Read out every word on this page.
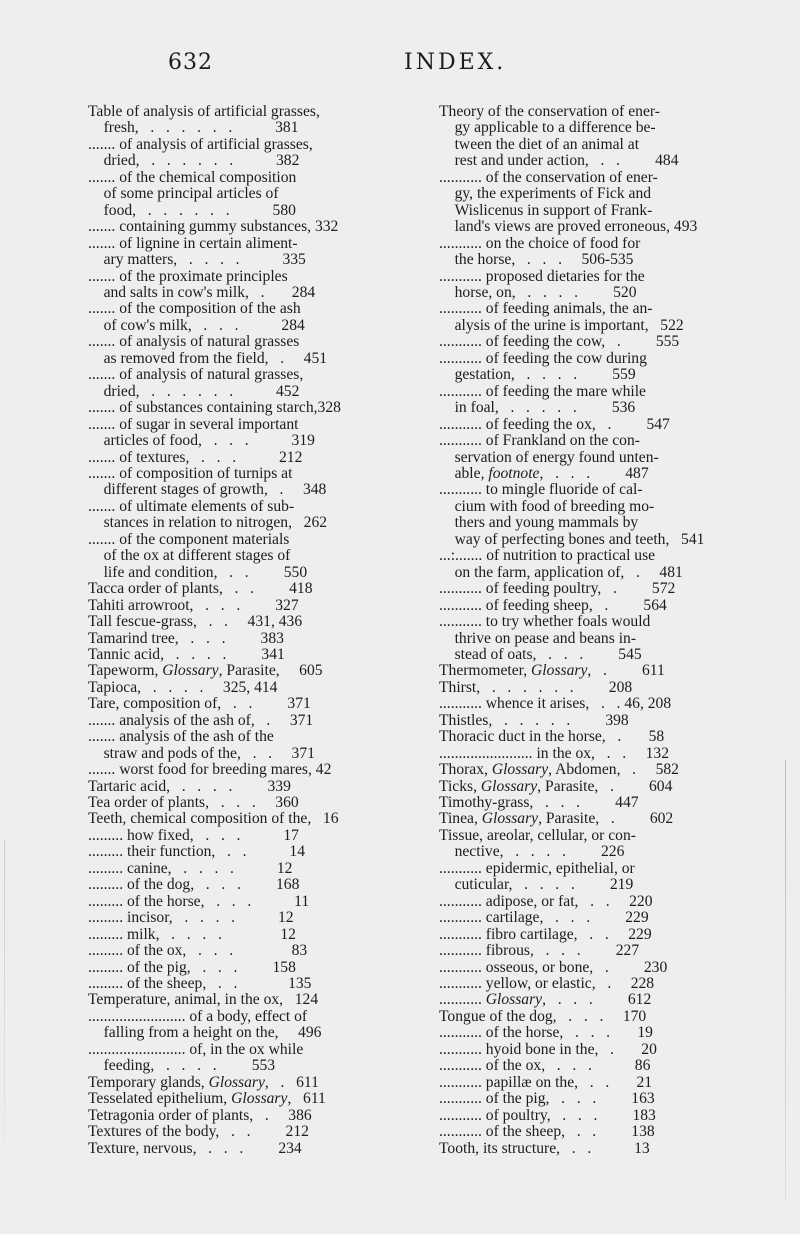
632	INDEX.
Table of analysis of artificial grasses,
 fresh,  .  .  .  .  .  .    381
....... of analysis of artificial grasses,
 dried,  .  .  .  .  .  .    382
....... of the chemical composition
 of some principal articles of
 food,  .  .  .  .  .  .    580
....... containing gummy substances, 332
....... of lignine in certain aliment-
 ary matters,  .  .  .  .    335
....... of the proximate principles
 and salts in cow's milk,  .   284
....... of the composition of the ash
 of cow's milk,  .  .  .    284
....... of analysis of natural grasses
 as removed from the field,  .  451
....... of analysis of natural grasses,
 dried,  .  .  .  .  .  .    452
....... of substances containing starch,328
....... of sugar in several important
 articles of food,  .  .  .    319
....... of textures,  .  .  .    212
....... of composition of turnips at
 different stages of growth,  .  348
....... of ultimate elements of sub-
 stances in relation to nitrogen,  262
....... of the component materials
 of the ox at different stages of
 life and condition,  .  .   550
Tacca order of plants,  .  .   418
Tahiti arrowroot,  .  .  .   327
Tall fescue-grass,  .  .  431, 436
Tamarind tree,  .  .  .   383
Tannic acid,  .  .  .  .   341
Tapeworm, Glossary, Parasite,  605
Tapioca,  .  .  .  .  325, 414
Tare, composition of,  .  .   371
....... analysis of the ash of,  .  371
....... analysis of the ash of the
 straw and pods of the,  .  .  371
....... worst food for breeding mares, 42
Tartaric acid,  .  .  .  .   339
Tea order of plants,  .  .  .  360
Teeth, chemical composition of the,  16
......... how fixed,  .  .  .    17
......... their function,  .  .    14
......... canine,  .  .  .  .    12
......... of the dog,  .  .  .   168
......... of the horse,  .  .  .    11
......... incisor,  .  .  .  .    12
......... milk,  .  .  .  .     12
......... of the ox,  .  .  .     83
......... of the pig,  .  .  .   158
......... of the sheep,  .  .    135
Temperature, animal, in the ox,  124
......................... of a body, effect of
 falling from a height on the,  496
......................... of, in the ox while
 feeding,  .  .  .  .   553
Temporary glands, Glossary,  .  611
Tesselated epithelium, Glossary,  611
Tetragonia order of plants,  .  386
Textures of the body,  .  .   212
Texture, nervous,  .  .  .   234
Theory of the conservation of ener-
 gy applicable to a difference be-
 tween the diet of an animal at
 rest and under action,  .  .   484
........... of the conservation of ener-
 gy, the experiments of Fick and
 Wislicenus in support of Frank-
 land's views are proved erroneous, 493
........... on the choice of food for
 the horse,  .  .  .  506-535
........... proposed dietaries for the
 horse, on,  .  .  .  .   520
........... of feeding animals, the an-
 alysis of the urine is important,  522
........... of feeding the cow,  .   555
........... of feeding the cow during
 gestation,  .  .  .  .   559
........... of feeding the mare while
 in foal,  .  .  .  .  .   536
........... of feeding the ox,  .   547
........... of Frankland on the con-
 servation of energy found unten-
 able, footnote,  .  .  .   487
........... to mingle fluoride of cal-
 cium with food of breeding mo-
 thers and young mammals by
 way of perfecting bones and teeth,  541
...:....... of nutrition to practical use
 on the farm, application of,  .  481
........... of feeding poultry,  .   572
........... of feeding sheep,  .   564
........... to try whether foals would
 thrive on pease and beans in-
 stead of oats,  .  .  .   545
Thermometer, Glossary,  .   611
Thirst,  .  .  .  .  .  .   208
........... whence it arises,  .  . 46, 208
Thistles,  .  .  .  .  .   398
Thoracic duct in the horse,  .   58
........................ in the ox,  .  .  132
Thorax, Glossary, Abdomen,  .  582
Ticks, Glossary, Parasite,  .   604
Timothy-grass,  .  .  .   447
Tinea, Glossary, Parasite,  .   602
Tissue, areolar, cellular, or con-
 nective,  .  .  .  .   226
........... epidermic, epithelial, or
 cuticular,  .  .  .  .   219
........... adipose, or fat,  .  .  220
........... cartilage,  .  .  .   229
........... fibro cartilage,  .  .  229
........... fibrous,  .  .  .   227
........... osseous, or bone,  .   230
........... yellow, or elastic,  .  228
........... Glossary,  .  .  .   612
Tongue of the dog,  .  .  .  170
........... of the horse,  .  .  .   19
........... hyoid bone in the,  .   20
........... of the ox,  .  .  .    86
........... papillæ on the,  .  .   21
........... of the pig,  .  .  .   163
........... of poultry,  .  .  .   183
........... of the sheep,  .  .   138
Tooth, its structure,  .  .    13
